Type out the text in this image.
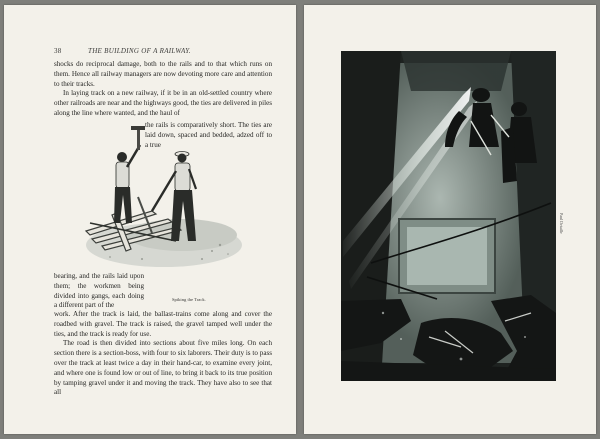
38	THE BUILDING OF A RAILWAY.

shocks do reciprocal damage, both to the rails and to that which runs on them. Hence all railway managers are now devoting more care and attention to their tracks.

In laying track on a new railway, if it be in an old-settled country where other railroads are near and the highways good, the ties are delivered in piles along the line where wanted, and the haul of

the rails is comparatively short. The ties are laid down, spaced and bedded, adzed off to a true
Spiking the Track.
bearing, and the rails laid upon them; the workmen being divided into gangs, each doing a different part of the

work. After the track is laid, the ballast-trains come along and cover the roadbed with gravel. The track is raised, the gravel tamped well under the ties, and the track is ready for use.

The road is then divided into sections about five miles long. On each section there is a section-boss, with four to six laborers. Their duty is to pass over the track at least twice a day in their hand-car, to examine every joint, and where one is found low or out of line, to bring it back to its true position by tamping gravel under it and moving the track. They have also to see that all

Paul Detaille
